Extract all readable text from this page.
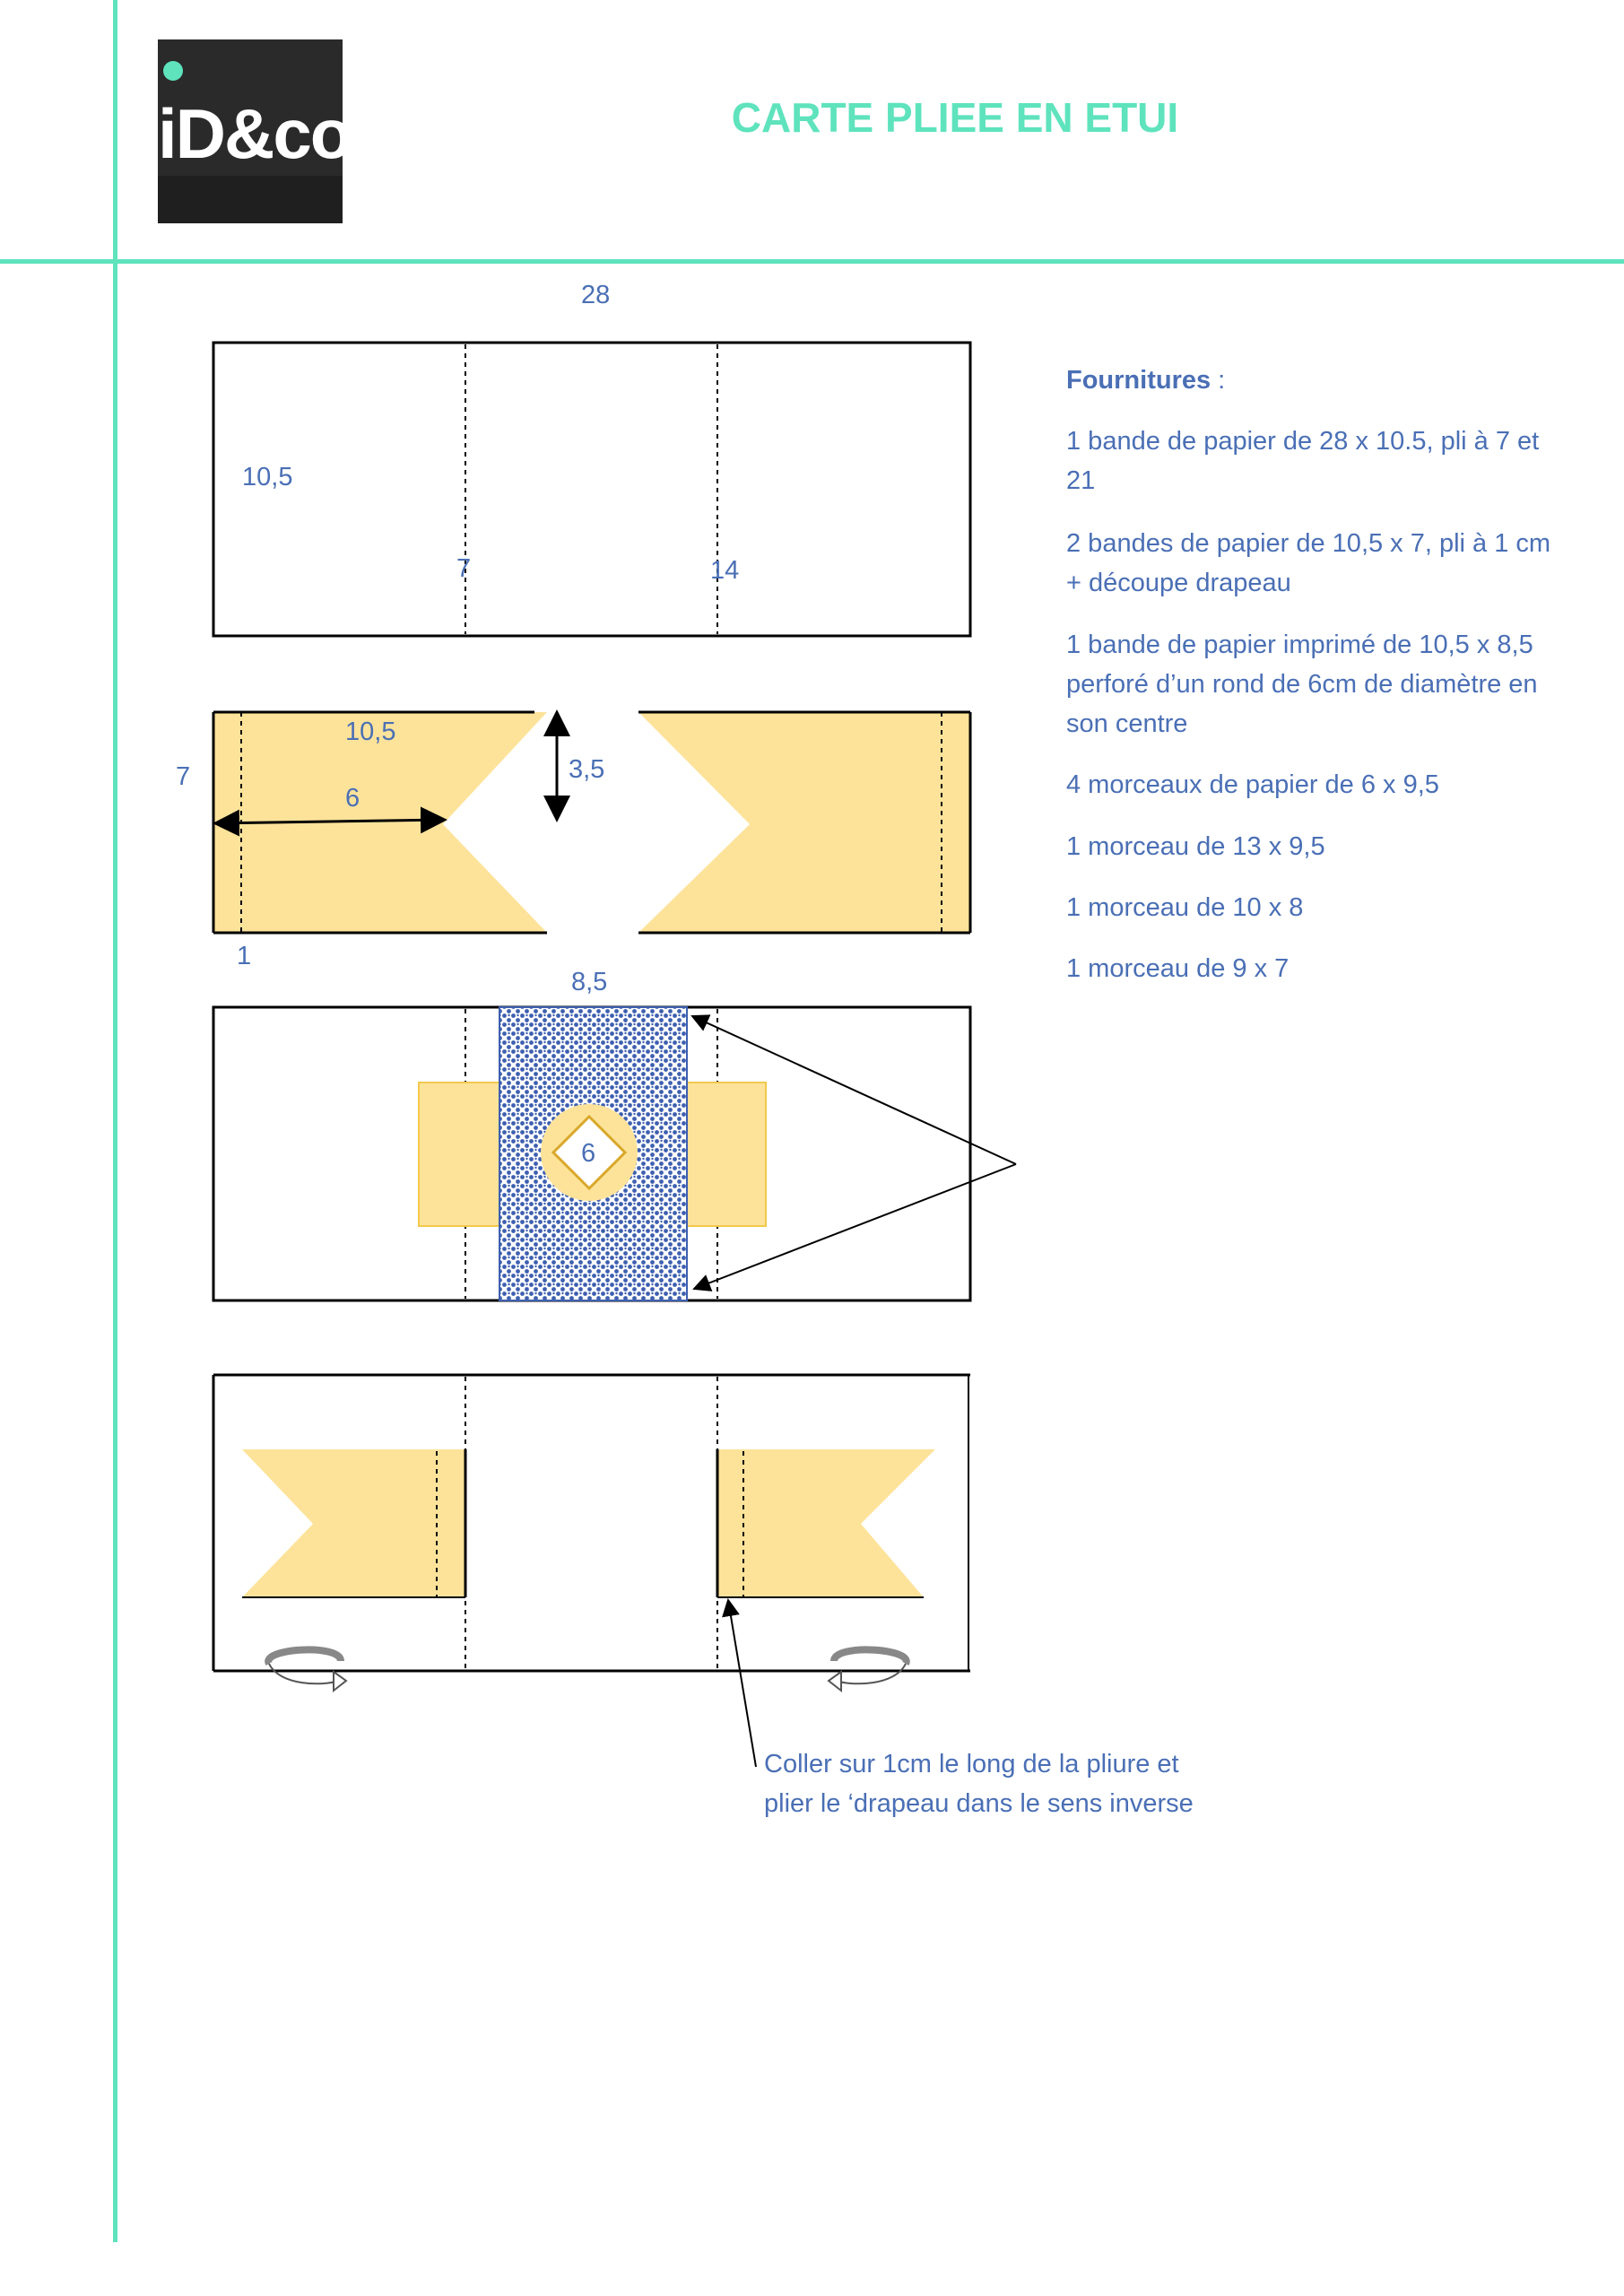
iD&co	CARTE PLIEE EN ETUI
28
10,5
7	14
10,5
7
6
3,5
1
8,5
6
Fournitures :
1 bande de papier de 28 x 10.5, pli à 7 et 21
2 bandes de papier de 10,5 x 7, pli à 1 cm + découpe drapeau
1 bande de papier imprimé de 10,5 x 8,5 perforé d’un rond de 6cm de diamètre en son centre
4 morceaux de papier de 6 x 9,5
1 morceau de 13 x 9,5
1 morceau de 10 x 8
1 morceau de 9 x 7
Coller sur 1cm le long de la pliure et
plier le ‘drapeau dans le sens inverse
